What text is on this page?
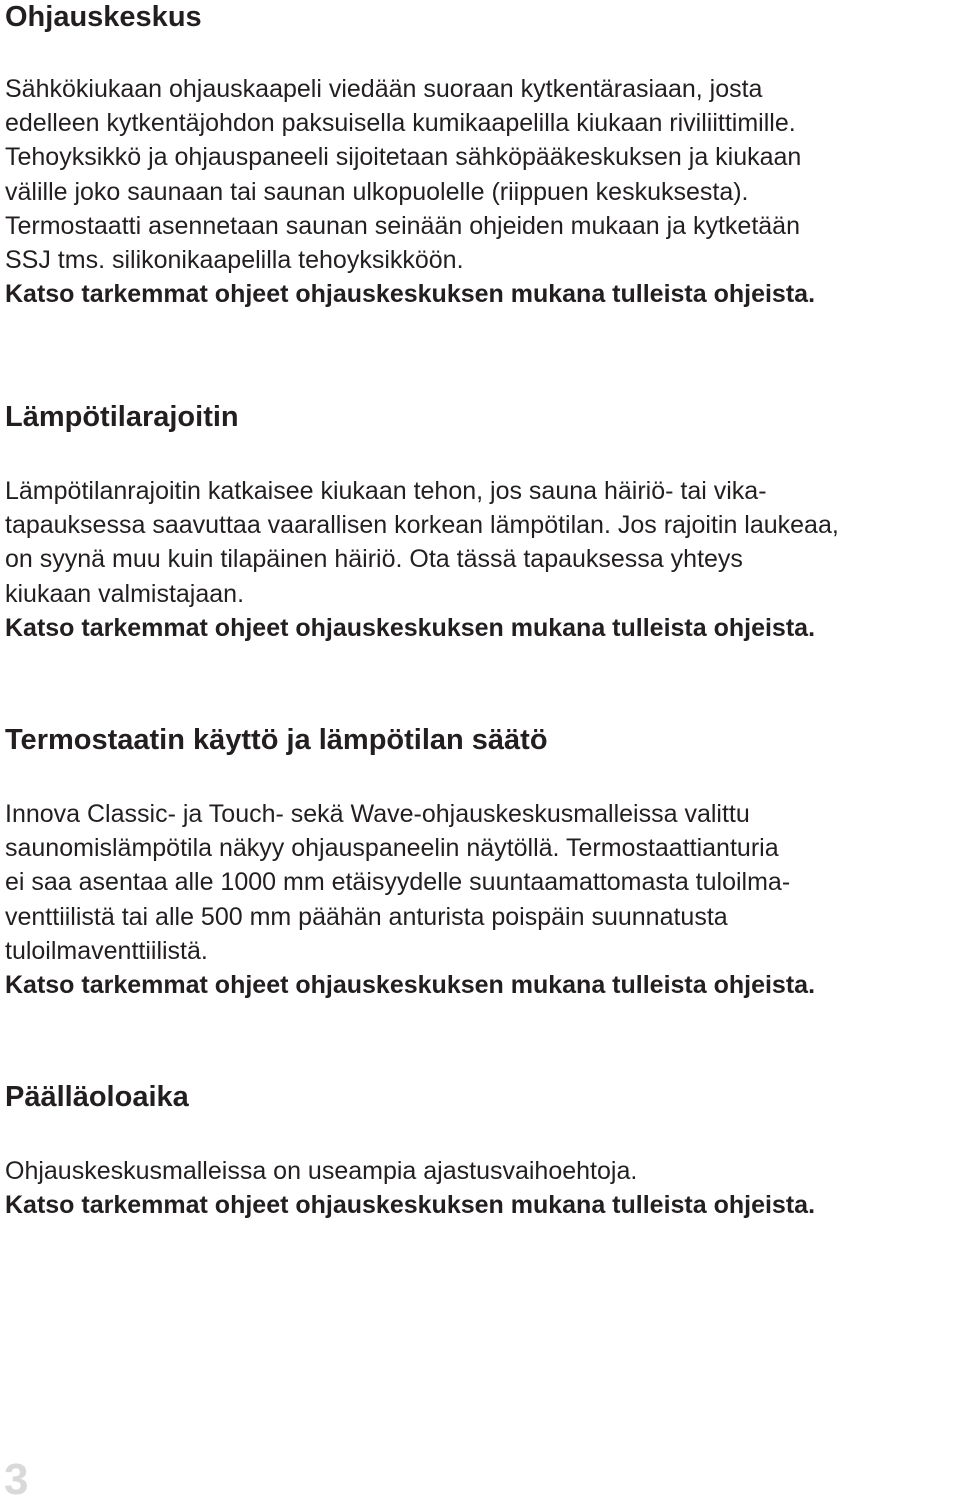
Ohjauskeskus
Sähkökiukaan ohjauskaapeli viedään suoraan kytkentärasiaan, josta
edelleen kytkentäjohdon paksuisella kumikaapelilla kiukaan riviliittimille.
Tehoyksikkö ja ohjauspaneeli sijoitetaan sähköpääkeskuksen ja kiukaan
välille joko saunaan tai saunan ulkopuolelle (riippuen keskuksesta).
Termostaatti asennetaan saunan seinään ohjeiden mukaan ja kytketään
SSJ tms. silikonikaapelilla tehoyksikköön.
Katso tarkemmat ohjeet ohjauskeskuksen mukana tulleista ohjeista.
Lämpötilarajoitin
Lämpötilanrajoitin katkaisee kiukaan tehon, jos sauna häiriö- tai vika-
tapauksessa saavuttaa vaarallisen korkean lämpötilan. Jos rajoitin laukeaa,
on syynä muu kuin tilapäinen häiriö. Ota tässä tapauksessa yhteys
kiukaan valmistajaan.
Katso tarkemmat ohjeet ohjauskeskuksen mukana tulleista ohjeista.
Termostaatin käyttö ja lämpötilan säätö
Innova Classic- ja Touch- sekä Wave-ohjauskeskusmalleissa valittu
saunomislämpötila näkyy ohjauspaneelin näytöllä. Termostaattianturia
ei saa asentaa alle 1000 mm etäisyydelle suuntaamattomasta tuloilma-
venttiilistä tai alle 500 mm päähän anturista poispäin suunnatusta
tuloilmaventtiilistä.
Katso tarkemmat ohjeet ohjauskeskuksen mukana tulleista ohjeista.
Päälläoloaika
Ohjauskeskusmalleissa on useampia ajastusvaihoehtoja.
Katso tarkemmat ohjeet ohjauskeskuksen mukana tulleista ohjeista.

3
